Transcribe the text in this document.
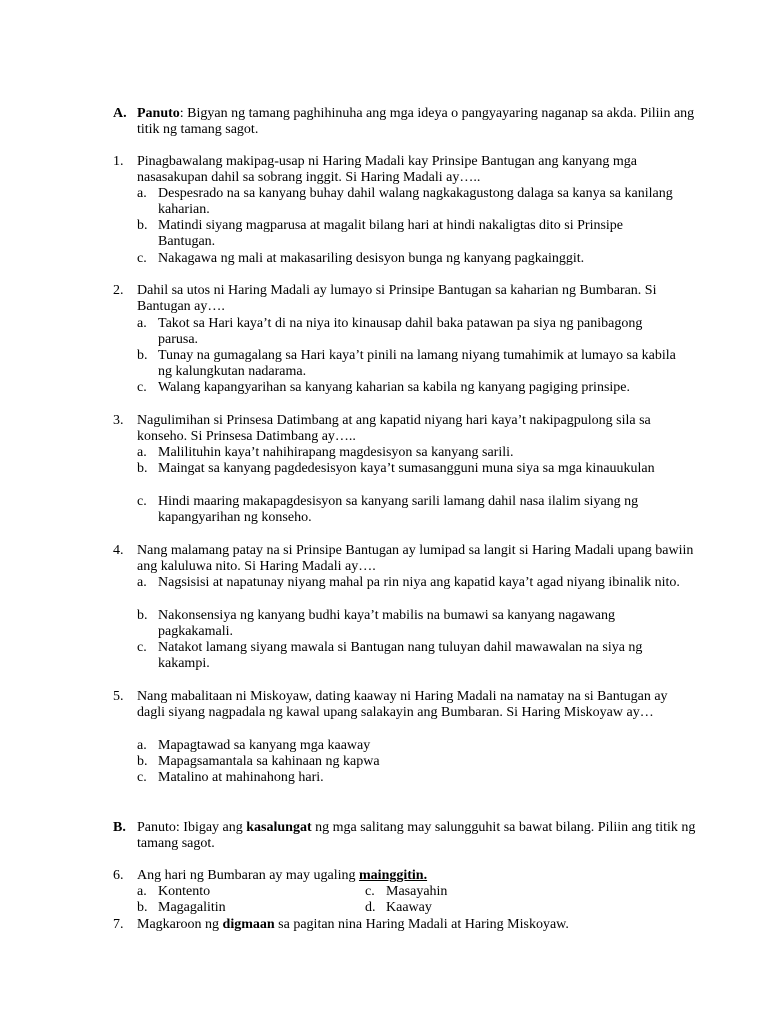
A. Panuto: Bigyan ng tamang paghihinuha ang mga ideya o pangyayaring naganap sa akda. Piliin ang titik ng tamang sagot.
1. Pinagbawalang makipag-usap ni Haring Madali kay Prinsipe Bantugan ang kanyang mga nasasakupan dahil sa sobrang inggit. Si Haring Madali ay…..
a. Despesrado na sa kanyang buhay dahil walang nagkakagustong dalaga sa kanya sa kanilang kaharian.
b. Matindi siyang magparusa at magalit bilang hari at hindi nakaligtas dito si Prinsipe Bantugan.
c. Nakagawa ng mali at makasariling desisyon bunga ng kanyang pagkainggit.
2. Dahil sa utos ni Haring Madali ay lumayo si Prinsipe Bantugan sa kaharian ng Bumbaran. Si Bantugan ay….
a. Takot sa Hari kaya’t di na niya ito kinausap dahil baka patawan pa siya ng panibagong parusa.
b. Tunay na gumagalang sa Hari kaya’t pinili na lamang niyang tumahimik at lumayo sa kabila ng kalungkutan nadarama.
c. Walang kapangyarihan sa kanyang kaharian sa kabila ng kanyang pagiging prinsipe.
3. Nagulimihan si Prinsesa Datimbang at ang kapatid niyang hari kaya’t nakipagpulong sila sa konseho. Si Prinsesa Datimbang ay…..
a. Malilituhin kaya’t nahihirapang magdesisyon sa kanyang sarili.
b. Maingat sa kanyang pagdedesisyon kaya’t sumasangguni muna siya sa mga kinauukulan
c. Hindi maaring makapagdesisyon sa kanyang sarili lamang dahil nasa ilalim siyang ng kapangyarihan ng konseho.
4. Nang malamang patay na si Prinsipe Bantugan ay lumipad sa langit si Haring Madali upang bawiin ang kaluluwa nito. Si Haring Madali ay….
a. Nagsisisi at napatunay niyang mahal pa rin niya ang kapatid kaya’t agad niyang ibinalik nito.
b. Nakonsensiya ng kanyang budhi kaya’t mabilis na bumawi sa kanyang nagawang pagkakamali.
c. Natakot lamang siyang mawala si Bantugan nang tuluyan dahil mawawalan na siya ng kakampi.
5. Nang mabalitaan ni Miskoyaw, dating kaaway ni Haring Madali na namatay na si Bantugan ay dagli siyang nagpadala ng kawal upang salakayin ang Bumbaran. Si Haring Miskoyaw ay…
a. Mapagtawad sa kanyang mga kaaway
b. Mapagsamantala sa kahinaan ng kapwa
c. Matalino at mahinahong hari.
B. Panuto: Ibigay ang kasalungat ng mga salitang may salungguhit sa bawat bilang. Piliin ang titik ng tamang sagot.
6. Ang hari ng Bumbaran ay may ugaling mainggitin.
a. Kontento	c. Masayahin
b. Magagalitin	d. Kaaway
7. Magkaroon ng digmaan sa pagitan nina Haring Madali at Haring Miskoyaw.
